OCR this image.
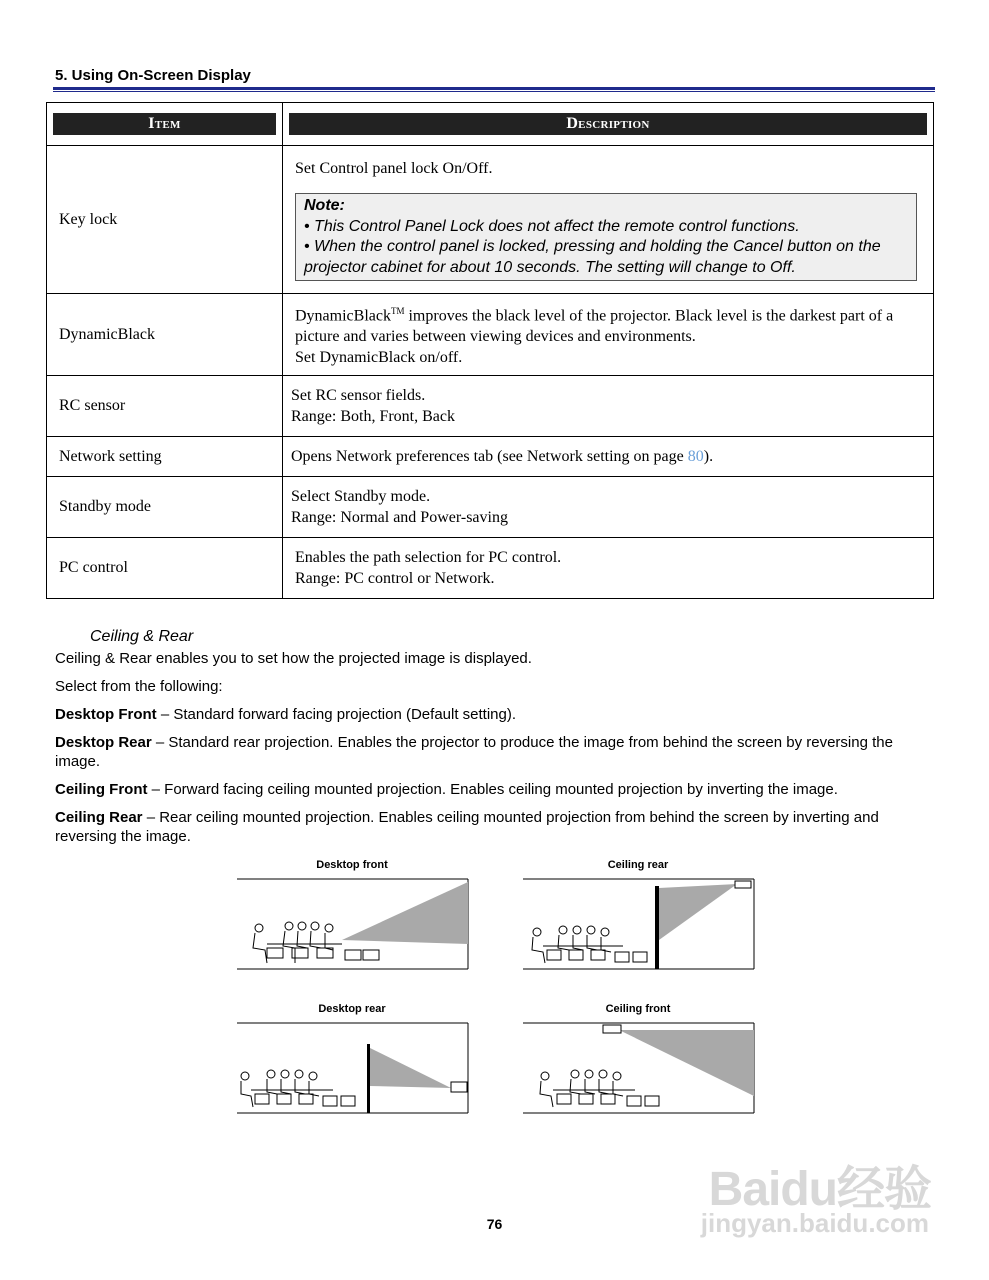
5. Using On-Screen Display
Item	Description

Key lock	Set Control panel lock On/Off.
Note:
• This Control Panel Lock does not affect the remote control functions.
• When the control panel is locked, pressing and holding the Cancel button on the projector cabinet for about 10 seconds. The setting will change to Off.

DynamicBlack	DynamicBlack™ improves the black level of the projector. Black level is the darkest part of a picture and varies between viewing devices and environments.
Set DynamicBlack on/off.
RC sensor	Set RC sensor fields.
Range: Both, Front, Back

Network setting	Opens Network preferences tab (see Network setting on page 80).
Standby mode	Select Standby mode.
Range: Normal and Power-saving

PC control	Enables the path selection for PC control.
Range: PC control or Network.
Ceiling & Rear
Ceiling & Rear enables you to set how the projected image is displayed.
Select from the following:
Desktop Front – Standard forward facing projection (Default setting).
Desktop Rear – Standard rear projection. Enables the projector to produce the image from behind the screen by reversing the image.
Ceiling Front – Forward facing ceiling mounted projection. Enables ceiling mounted projection by inverting the image.
Ceiling Rear – Rear ceiling mounted projection. Enables ceiling mounted projection from behind the screen by inverting and reversing the image.
Desktop front	Ceiling rear
Desktop rear	Ceiling front
76
Baidu经验
jingyan.baidu.com
